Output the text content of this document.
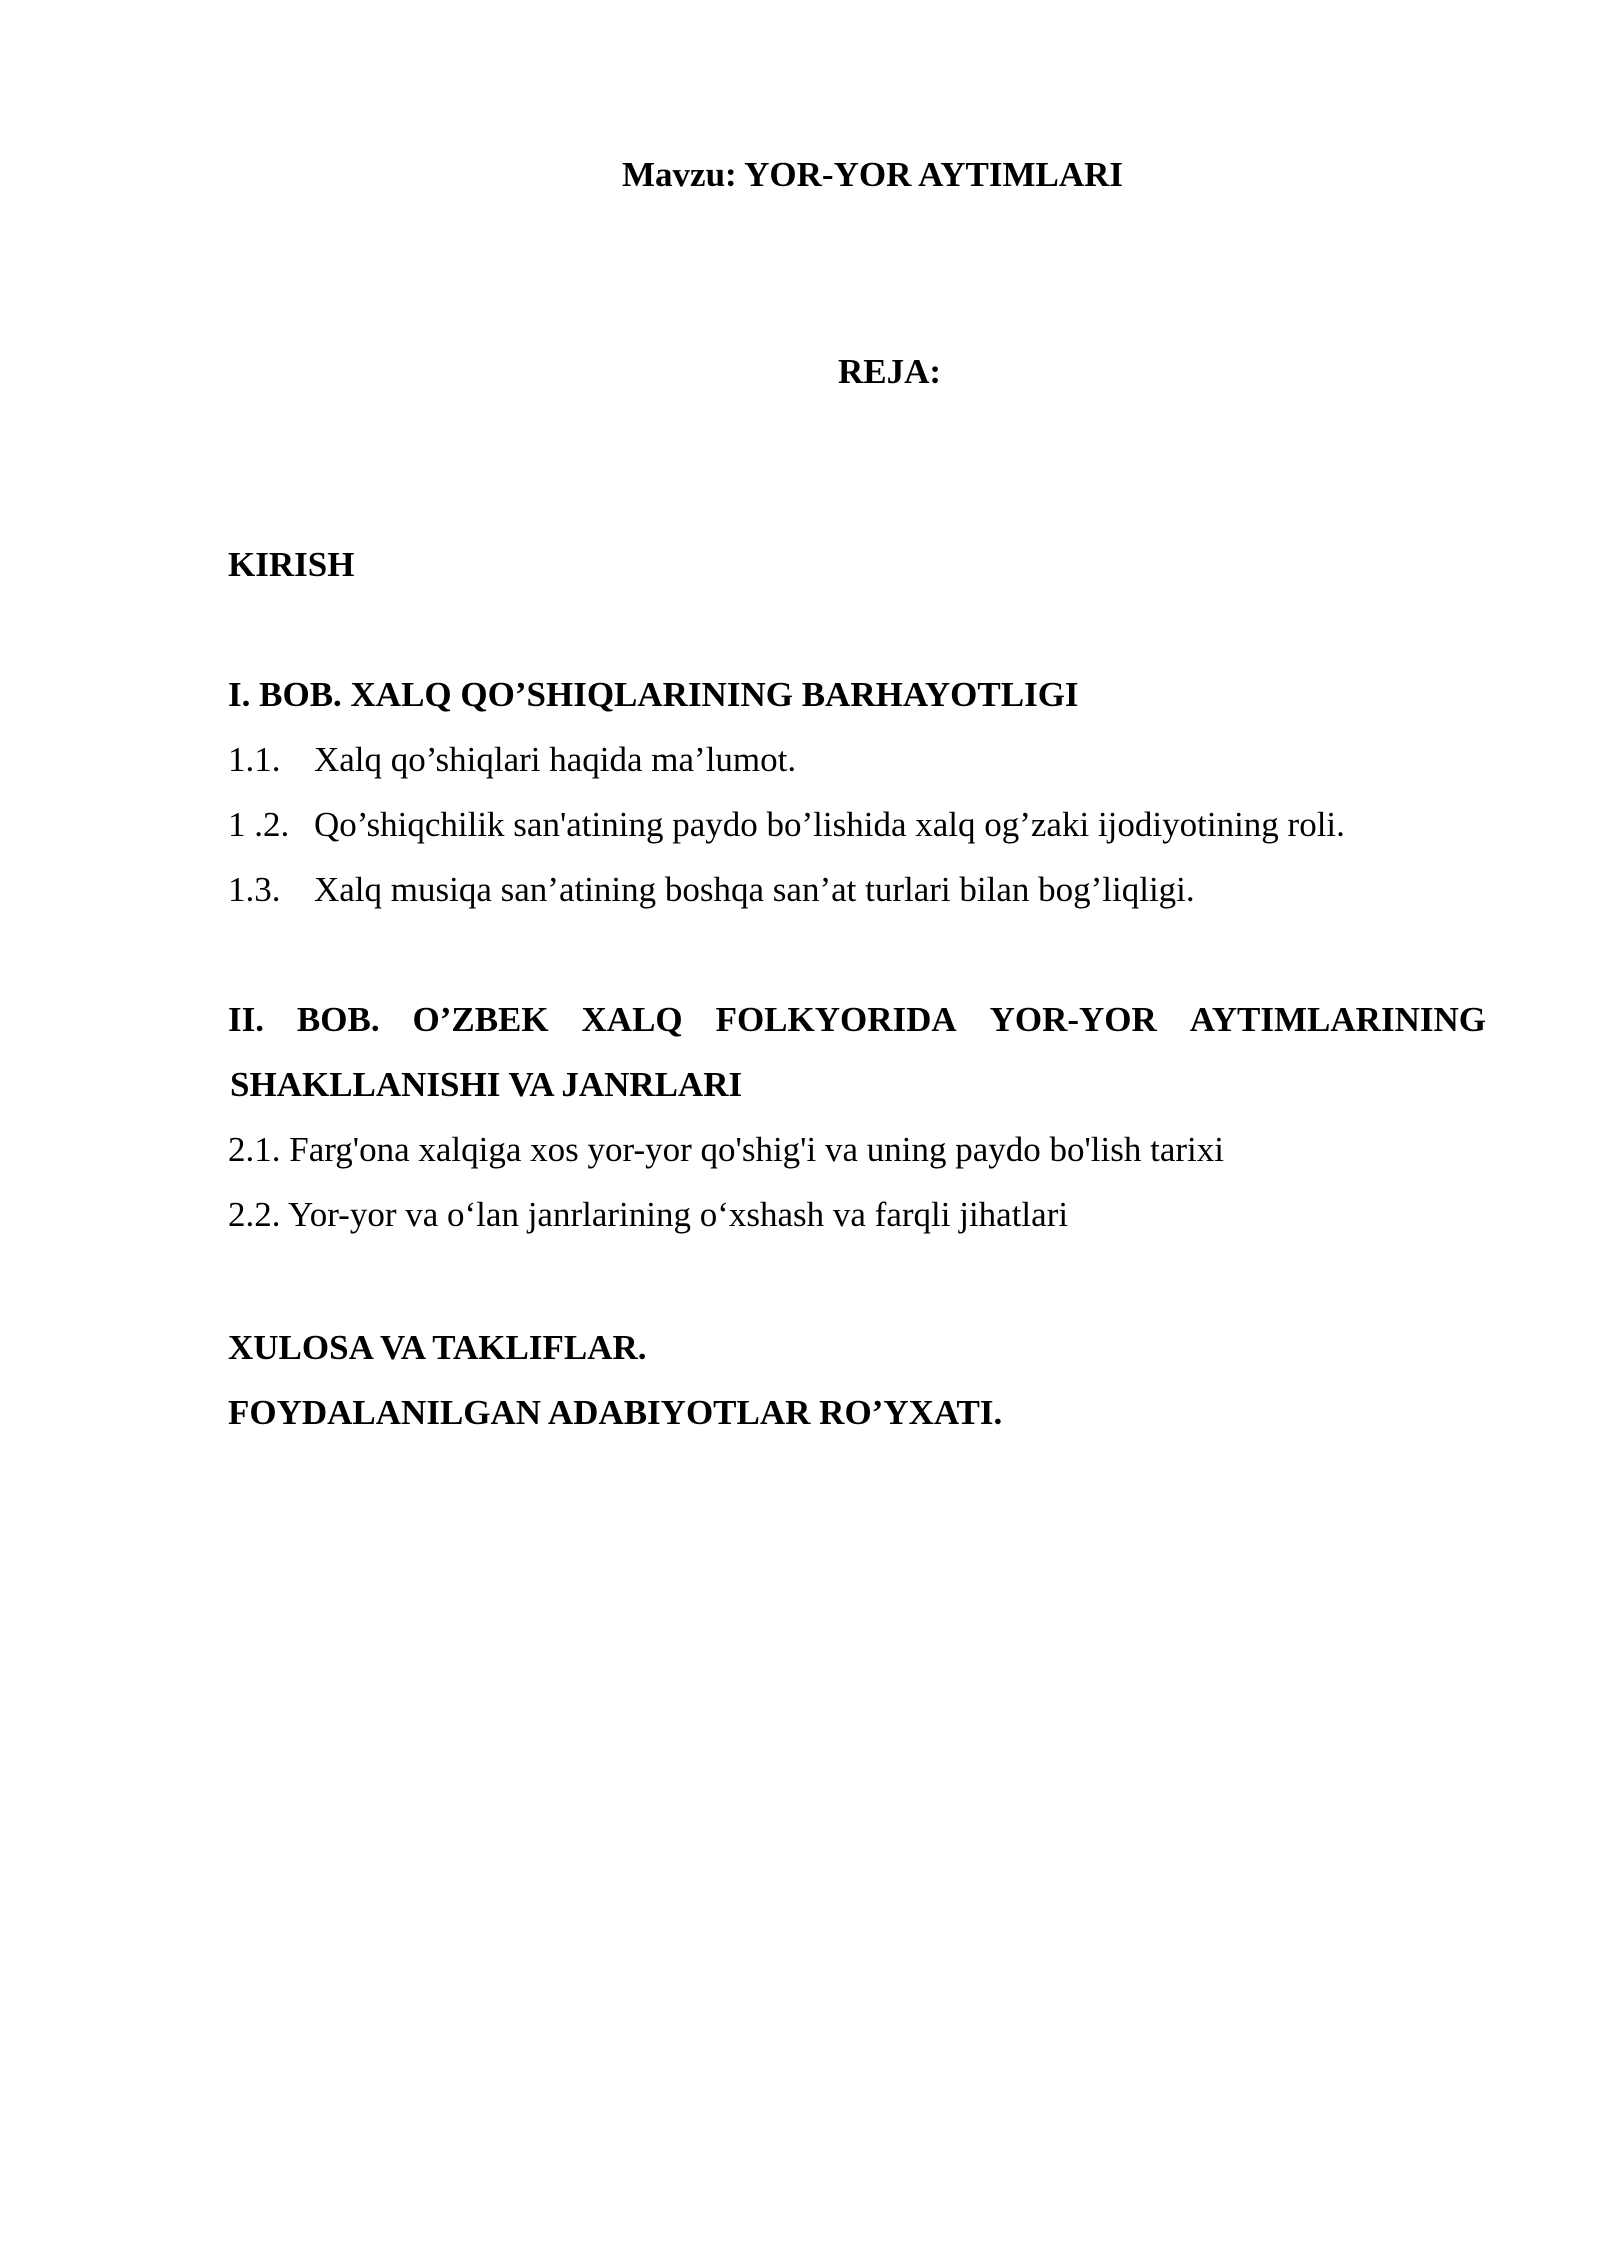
Mavzu: YOR-YOR AYTIMLARI
REJA:
KIRISH
I. BOB. XALQ QO’SHIQLARINING BARHAYOTLIGI
1.1. Xalq qo’shiqlari haqida ma’lumot.
1 .2. Qo’shiqchilik san'atining paydo bo’lishida xalq og’zaki ijodiyotining roli.
1.3. Xalq musiqa san’atining boshqa san’at turlari bilan bog’liqligi.
II. BOB. O’ZBEK XALQ FOLKYORIDA YOR-YOR AYTIMLARINING
SHAKLLANISHI VA JANRLARI
2.1. Farg'ona xalqiga xos yor-yor qo'shig'i va uning paydo bo'lish tarixi
2.2. Yor-yor va o‘lan janrlarining o‘xshash va farqli jihatlari
XULOSA VA TAKLIFLAR.
FOYDALANILGAN ADABIYOTLAR RO’YXATI.
